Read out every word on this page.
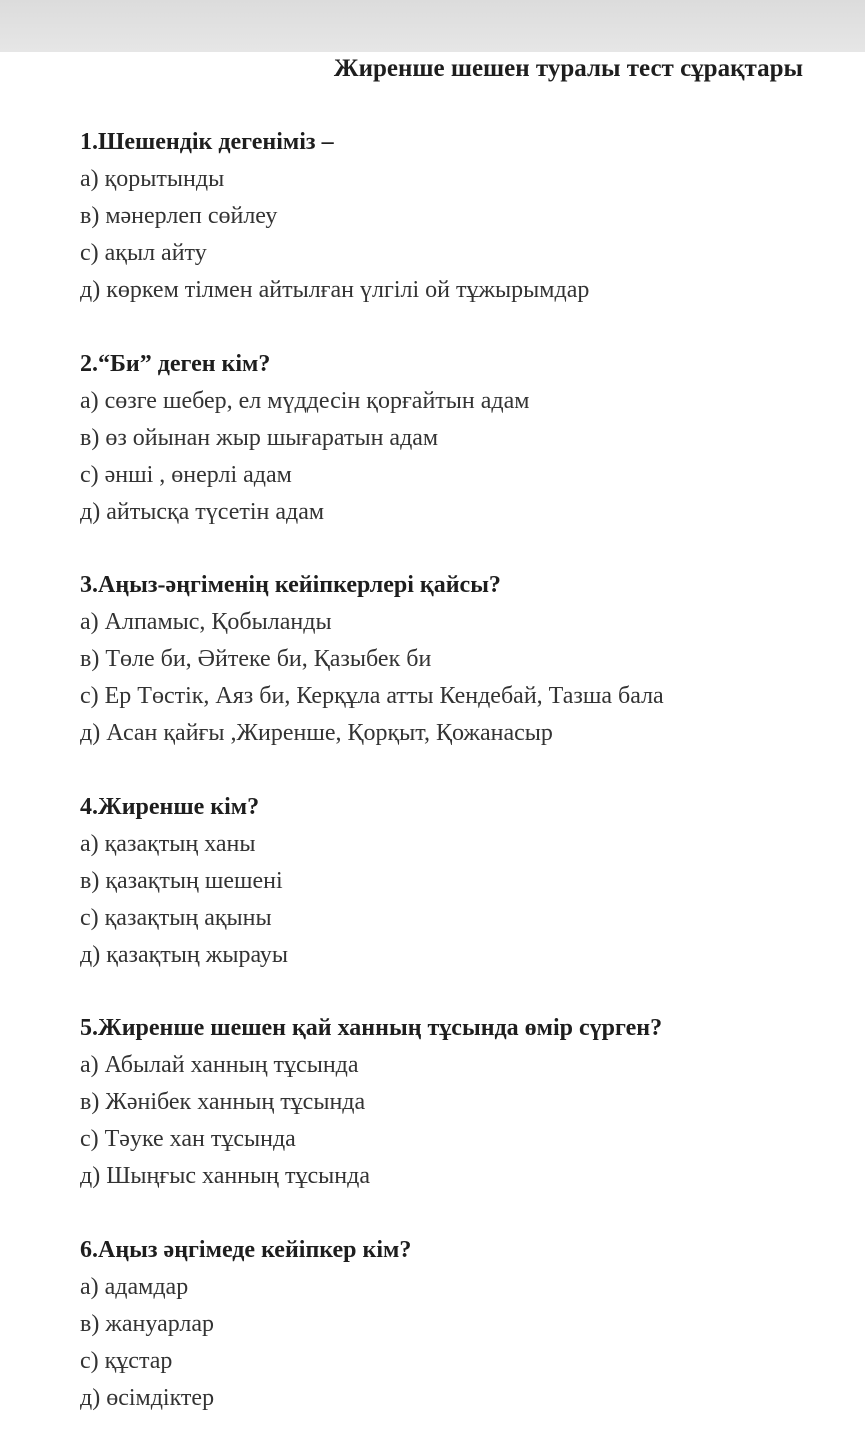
Жиренше шешен туралы тест сұрақтары
1.Шешендік дегеніміз –
а) қорытынды
в) мәнерлеп сөйлеу
с) ақыл айту
д) көркем тілмен айтылған үлгілі ой тұжырымдар
2.“Би” деген кім?
а) сөзге шебер, ел мүддесін қорғайтын адам
в) өз ойынан жыр шығаратын адам
с) әнші , өнерлі адам
д) айтысқа түсетін адам
3.Аңыз-әңгіменің кейіпкерлері қайсы?
а) Алпамыс, Қобыланды
в) Төле би, Әйтеке би, Қазыбек би
с) Ер Төстік, Аяз би, Керқұла атты Кендебай, Тазша бала
д) Асан қайғы ,Жиренше, Қорқыт, Қожанасыр
4.Жиренше кім?
а) қазақтың ханы
в) қазақтың шешені
с) қазақтың ақыны
д) қазақтың жырауы
5.Жиренше шешен қай ханның тұсында өмір сүрген?
а) Абылай ханның тұсында
в) Жәнібек ханның тұсында
с) Тәуке хан тұсында
д) Шыңғыс ханның тұсында
6.Аңыз әңгімеде кейіпкер кім?
а) адамдар
в) жануарлар
с) құстар
д) өсімдіктер
